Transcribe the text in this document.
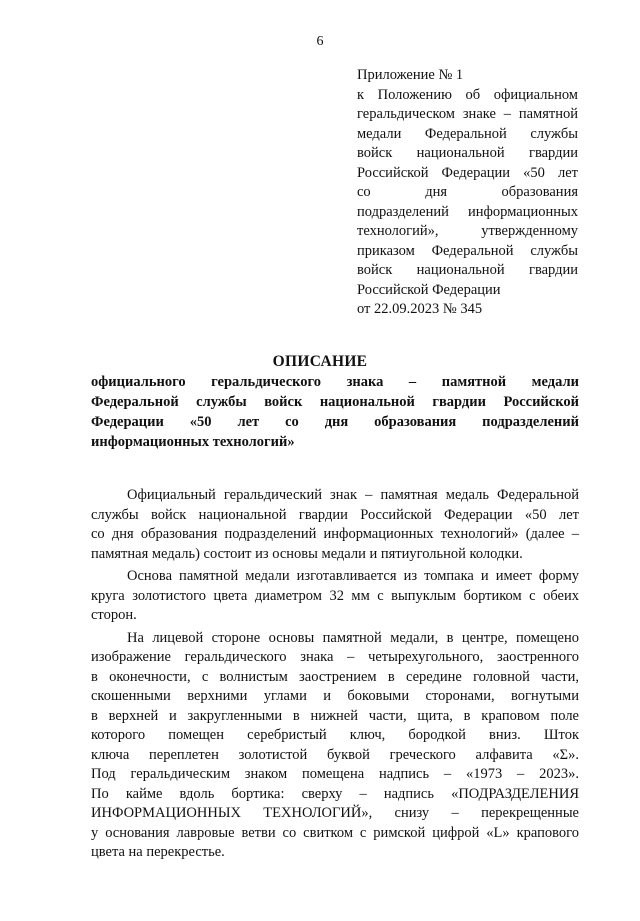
6
Приложение № 1
к Положению об официальном
геральдическом знаке – памятной
медали Федеральной службы
войск национальной гвардии
Российской Федерации «50 лет
со дня образования
подразделений информационных
технологий», утвержденному
приказом Федеральной службы
войск национальной гвардии
Российской Федерации
от 22.09.2023 № 345
ОПИСАНИЕ
официального геральдического знака – памятной медали
Федеральной службы войск национальной гвардии Российской
Федерации «50 лет со дня образования подразделений
информационных технологий»
Официальный геральдический знак – памятная медаль Федеральной
службы войск национальной гвардии Российской Федерации «50 лет
со дня образования подразделений информационных технологий» (далее –
памятная медаль) состоит из основы медали и пятиугольной колодки.
Основа памятной медали изготавливается из томпака и имеет форму
круга золотистого цвета диаметром 32 мм с выпуклым бортиком с обеих
сторон.
На лицевой стороне основы памятной медали, в центре, помещено
изображение геральдического знака – четырехугольного, заостренного
в оконечности, с волнистым заострением в середине головной части,
скошенными верхними углами и боковыми сторонами, вогнутыми
в верхней и закругленными в нижней части, щита, в краповом поле
которого помещен серебристый ключ, бородкой вниз. Шток
ключа переплетен золотистой буквой греческого алфавита «Σ».
Под геральдическим знаком помещена надпись – «1973 – 2023».
По кайме вдоль бортика: сверху – надпись «ПОДРАЗДЕЛЕНИЯ
ИНФОРМАЦИОННЫХ ТЕХНОЛОГИЙ», снизу – перекрещенные
у основания лавровые ветви со свитком с римской цифрой «L» крапового
цвета на перекрестье.
